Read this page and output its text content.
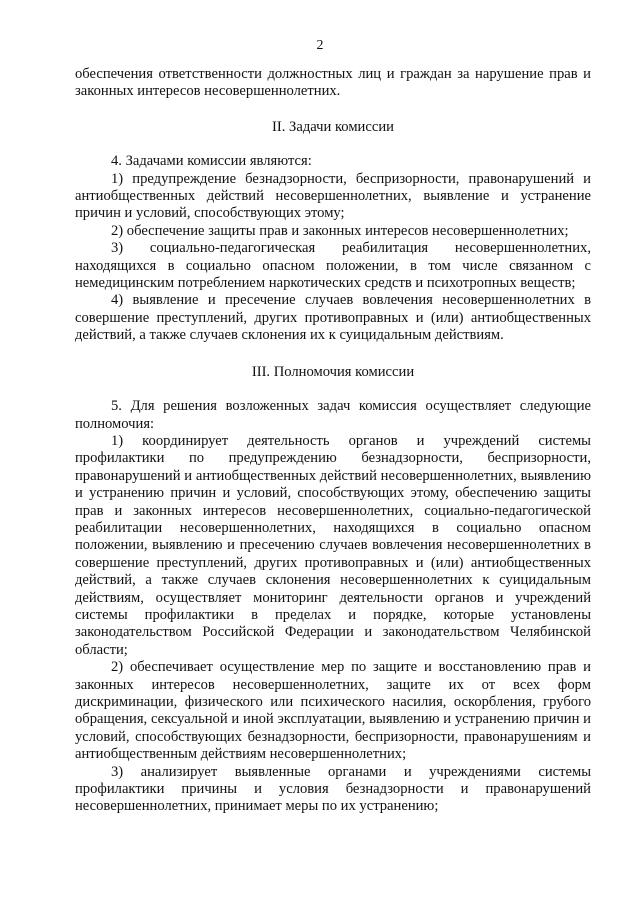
2

обеспечения ответственности должностных лиц и граждан за нарушение прав и законных интересов несовершеннолетних.

II. Задачи комиссии

4. Задачами комиссии являются:

1) предупреждение безнадзорности, беспризорности, правонарушений и антиобщественных действий несовершеннолетних, выявление и устранение причин и условий, способствующих этому;

2) обеспечение защиты прав и законных интересов несовершеннолетних;

3) социально-педагогическая реабилитация несовершеннолетних, находящихся в социально опасном положении, в том числе связанном с немедицинским потреблением наркотических средств и психотропных веществ;

4) выявление и пресечение случаев вовлечения несовершеннолетних в совершение преступлений, других противоправных и (или) антиобщественных действий, а также случаев склонения их к суицидальным действиям.

III. Полномочия комиссии

5. Для решения возложенных задач комиссия осуществляет следующие полномочия:

1) координирует деятельность органов и учреждений системы профилактики по предупреждению безнадзорности, беспризорности, правонарушений и антиобщественных действий несовершеннолетних, выявлению и устранению причин и условий, способствующих этому, обеспечению защиты прав и законных интересов несовершеннолетних, социально-педагогической реабилитации несовершеннолетних, находящихся в социально опасном положении, выявлению и пресечению случаев вовлечения несовершеннолетних в совершение преступлений, других противоправных и (или) антиобщественных действий, а также случаев склонения несовершеннолетних к суицидальным действиям, осуществляет мониторинг деятельности органов и учреждений системы профилактики в пределах и порядке, которые установлены законодательством Российской Федерации и законодательством Челябинской области;

2) обеспечивает осуществление мер по защите и восстановлению прав и законных интересов несовершеннолетних, защите их от всех форм дискриминации, физического или психического насилия, оскорбления, грубого обращения, сексуальной и иной эксплуатации, выявлению и устранению причин и условий, способствующих безнадзорности, беспризорности, правонарушениям и антиобщественным действиям несовершеннолетних;

3) анализирует выявленные органами и учреждениями системы профилактики причины и условия безнадзорности и правонарушений несовершеннолетних, принимает меры по их устранению;
